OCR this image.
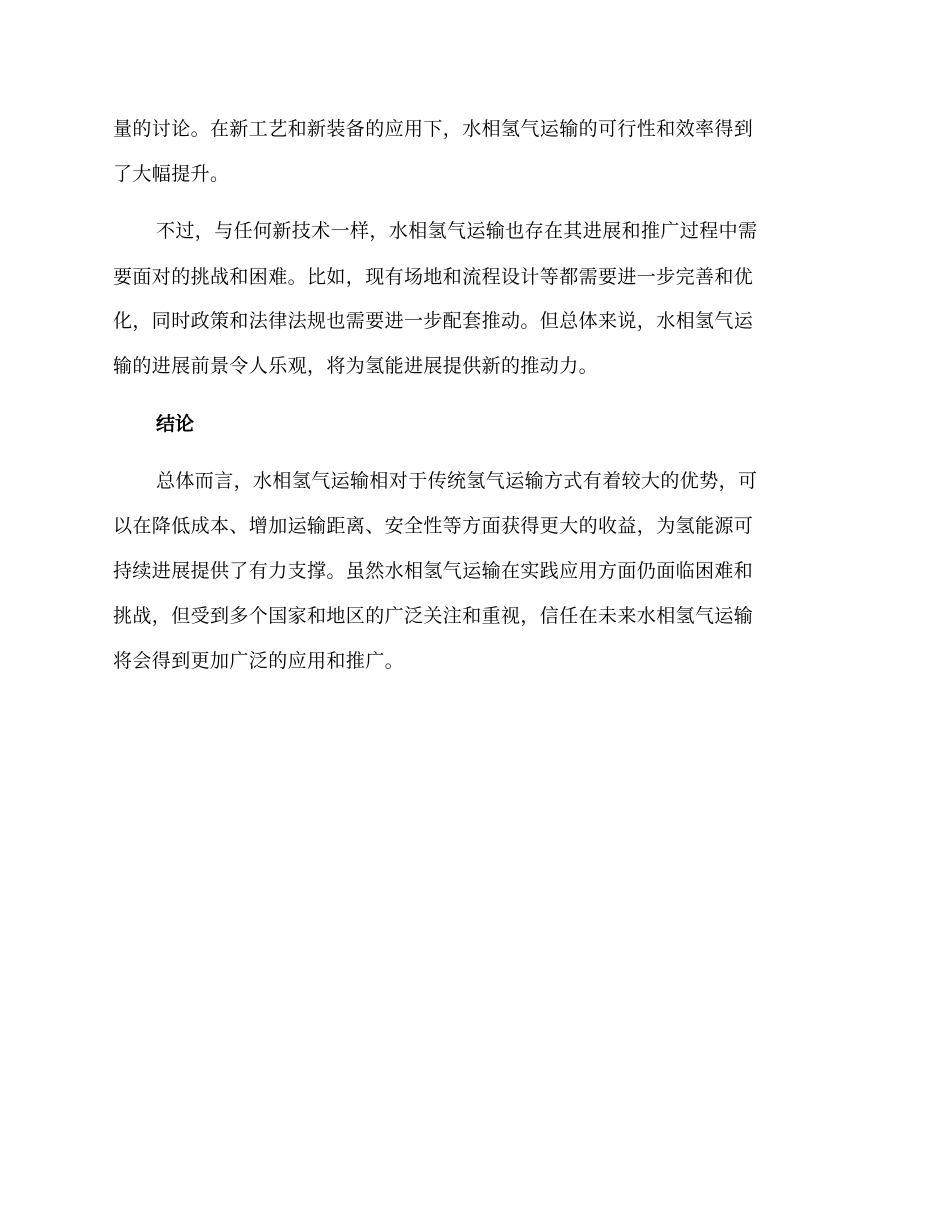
量的讨论。在新工艺和新装备的应用下，水相氢气运输的可行性和效率得到
了大幅提升。
不过，与任何新技术一样，水相氢气运输也存在其进展和推广过程中需
要面对的挑战和困难。比如，现有场地和流程设计等都需要进一步完善和优
化，同时政策和法律法规也需要进一步配套推动。但总体来说，水相氢气运
输的进展前景令人乐观，将为氢能进展提供新的推动力。
结论
总体而言，水相氢气运输相对于传统氢气运输方式有着较大的优势，可
以在降低成本、增加运输距离、安全性等方面获得更大的收益，为氢能源可
持续进展提供了有力支撑。虽然水相氢气运输在实践应用方面仍面临困难和
挑战，但受到多个国家和地区的广泛关注和重视，信任在未来水相氢气运输
将会得到更加广泛的应用和推广。
